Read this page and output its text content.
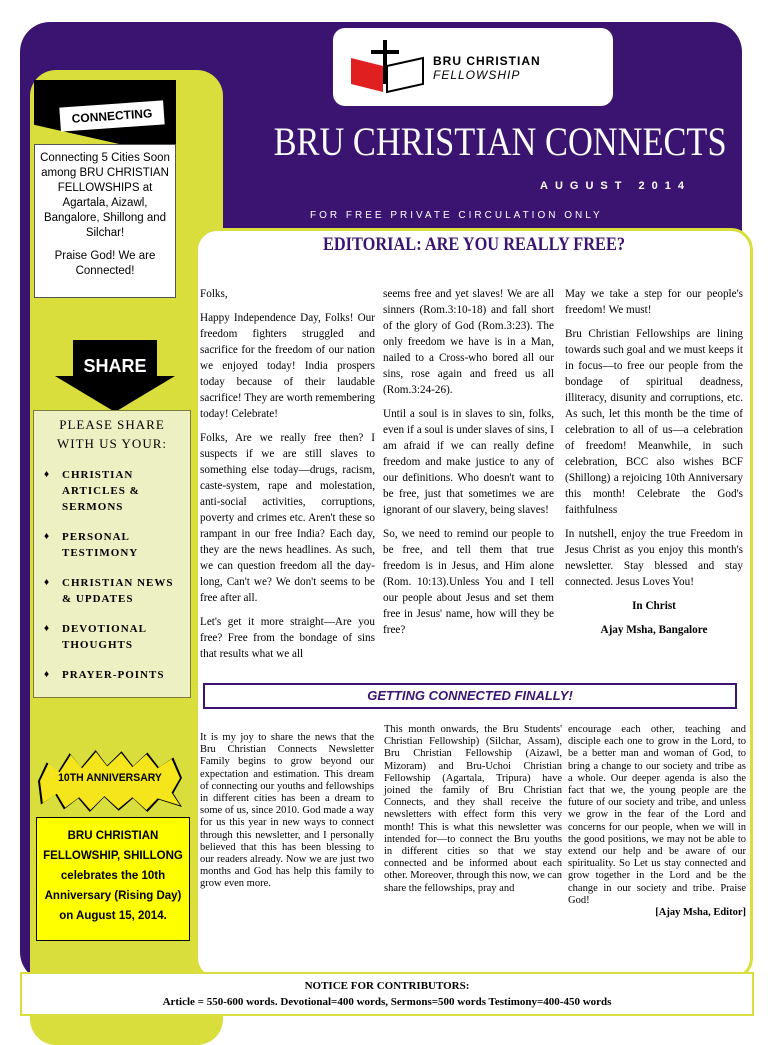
BRU CHRISTIAN
FELLOWSHIP
BRU CHRISTIAN CONNECTS
AUGUST 2014
FOR FREE PRIVATE CIRCULATION ONLY
CONNECTING

Connecting 5 Cities Soon among BRU CHRISTIAN FELLOWSHIPS at Agartala, Aizawl, Bangalore, Shillong and Silchar!

Praise God! We are Connected!

SHARE
PLEASE SHARE WITH US YOUR:
♦ CHRISTIAN ARTICLES & SERMONS
♦ PERSONAL TESTIMONY
♦ CHRISTIAN NEWS & UPDATES
♦ DEVOTIONAL THOUGHTS
♦ PRAYER-POINTS
10TH ANNIVERSARY
BRU CHRISTIAN FELLOWSHIP, SHILLONG celebrates the 10th Anniversary (Rising Day) on August 15, 2014.
EDITORIAL: ARE YOU REALLY FREE?

Folks,

Happy Independence Day, Folks! Our freedom fighters struggled and sacrifice for the freedom of our nation we enjoyed today! India prospers today because of their laudable sacrifice! They are worth remembering today! Celebrate!

Folks, Are we really free then? I suspects if we are still slaves to something else today—drugs, racism, caste-system, rape and molestation, anti-social activities, corruptions, poverty and crimes etc. Aren't these so rampant in our free India? Each day, they are the news headlines. As such, we can question freedom all the day-long, Can't we? We don't seems to be free after all.

Let's get it more straight—Are you free? Free from the bondage of sins that results what we all

seems free and yet slaves! We are all sinners (Rom.3:10-18) and fall short of the glory of God (Rom.3:23). The only freedom we have is in a Man, nailed to a Cross-who bored all our sins, rose again and freed us all (Rom.3:24-26).

Until a soul is in slaves to sin, folks, even if a soul is under slaves of sins, I am afraid if we can really define freedom and make justice to any of our definitions. Who doesn't want to be free, just that sometimes we are ignorant of our slavery, being slaves!

So, we need to remind our people to be free, and tell them that true freedom is in Jesus, and Him alone (Rom. 10:13).Unless You and I tell our people about Jesus and set them free in Jesus' name, how will they be free?

May we take a step for our people's freedom! We must!

Bru Christian Fellowships are lining towards such goal and we must keeps it in focus—to free our people from the bondage of spiritual deadness, illiteracy, disunity and corruptions, etc. As such, let this month be the time of celebration to all of us—a celebration of freedom! Meanwhile, in such celebration, BCC also wishes BCF (Shillong) a rejoicing 10th Anniversary this month! Celebrate the God's faithfulness

In nutshell, enjoy the true Freedom in Jesus Christ as you enjoy this month's newsletter. Stay blessed and stay connected. Jesus Loves You!

In Christ

Ajay Msha, Bangalore

GETTING CONNECTED FINALLY!

It is my joy to share the news that the Bru Christian Connects Newsletter Family begins to grow beyond our expectation and estimation. This dream of connecting our youths and fellowships in different cities has been a dream to some of us, since 2010. God made a way for us this year in new ways to connect through this newsletter, and I personally believed that this has been blessing to our readers already. Now we are just two months and God has help this family to grow even more.

This month onwards, the Bru Students' Christian Fellowship) (Silchar, Assam), Bru Christian Fellowship (Aizawl, Mizoram) and Bru-Uchoi Christian Fellowship (Agartala, Tripura) have joined the family of Bru Christian Connects, and they shall receive the newsletters with effect form this very month! This is what this newsletter was intended for—to connect the Bru youths in different cities so that we stay connected and be informed about each other. Moreover, through this now, we can share the fellowships, pray and

encourage each other, teaching and disciple each one to grow in the Lord, to be a better man and woman of God, to bring a change to our society and tribe as a whole. Our deeper agenda is also the fact that we, the young people are the future of our society and tribe, and unless we grow in the fear of the Lord and concerns for our people, when we will in the good positions, we may not be able to extend our help and be aware of our spirituality. So Let us stay connected and grow together in the Lord and be the change in our society and tribe. Praise God!

[Ajay Msha, Editor]

NOTICE FOR CONTRIBUTORS:
Article = 550-600 words. Devotional=400 words, Sermons=500 words Testimony=400-450 words
